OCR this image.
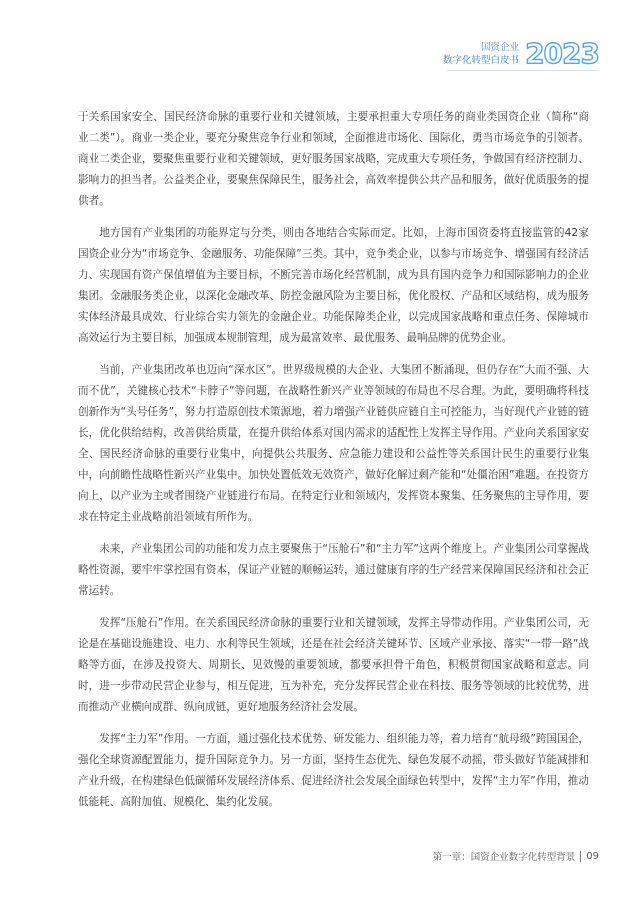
国资企业
数字化转型白皮书 2023

于关系国家安全、国民经济命脉的重要行业和关键领域，主要承担重大专项任务的商业类国资企业（简称“商业二类”）。商业一类企业，要充分聚焦竞争行业和领域，全面推进市场化、国际化，勇当市场竞争的引领者。商业二类企业，要聚焦重要行业和关键领域，更好服务国家战略，完成重大专项任务，争做国有经济控制力、影响力的担当者。公益类企业，要聚焦保障民生，服务社会，高效率提供公共产品和服务，做好优质服务的提供者。

地方国有产业集团的功能界定与分类，则由各地结合实际而定。比如，上海市国资委将直接监管的42家国资企业分为“市场竞争、金融服务、功能保障”三类。其中，竞争类企业，以参与市场竞争、增强国有经济活力、实现国有资产保值增值为主要目标，不断完善市场化经营机制，成为具有国内竞争力和国际影响力的企业集团。金融服务类企业，以深化金融改革、防控金融风险为主要目标，优化股权、产品和区域结构，成为服务实体经济最具成效、行业综合实力领先的金融企业。功能保障类企业，以完成国家战略和重点任务、保障城市高效运行为主要目标，加强成本规制管理，成为最富效率、最优服务、最响品牌的优势企业。

当前，产业集团改革也迈向“深水区”。世界级规模的大企业、大集团不断涌现，但仍存在“大而不强、大而不优”，关键核心技术“卡脖子”等问题，在战略性新兴产业等领域的布局也不尽合理。为此，要明确将科技创新作为“头号任务”，努力打造原创技术策源地，着力增强产业链供应链自主可控能力，当好现代产业链的链长，优化供给结构，改善供给质量，在提升供给体系对国内需求的适配性上发挥主导作用。产业向关系国家安全、国民经济命脉的重要行业集中，向提供公共服务、应急能力建设和公益性等关系国计民生的重要行业集中，向前瞻性战略性新兴产业集中。加快处置低效无效资产，做好化解过剩产能和“处僵治困”难题。在投资方向上，以产业为主或者围绕产业链进行布局。在特定行业和领域内，发挥资本聚集、任务聚焦的主导作用，要求在特定主业战略前沿领域有所作为。

未来，产业集团公司的功能和发力点主要聚焦于“压舱石”和“主力军”这两个维度上。产业集团公司掌握战略性资源，要牢牢掌控国有资本，保证产业链的顺畅运转，通过健康有序的生产经营来保障国民经济和社会正常运转。

发挥“压舱石”作用。在关系国民经济命脉的重要行业和关键领域，发挥主导带动作用。产业集团公司，无论是在基础设施建设、电力、水利等民生领域，还是在社会经济关键环节、区域产业承接、落实“一带一路”战略等方面，在涉及投资大、周期长、见效慢的重要领域，都要承担骨干角色，积极贯彻国家战略和意志。同时，进一步带动民营企业参与，相互促进，互为补充，充分发挥民营企业在科技、服务等领域的比较优势，进而推动产业横向成群、纵向成链，更好地服务经济社会发展。

发挥“主力军”作用。一方面，通过强化技术优势、研发能力、组织能力等，着力培育“航母级”跨国国企，强化全球资源配置能力，提升国际竞争力。另一方面，坚持生态优先、绿色发展不动摇，带头做好节能减排和产业升级，在构建绿色低碳循环发展经济体系、促进经济社会发展全面绿色转型中，发挥“主力军”作用，推动低能耗、高附加值、规模化、集约化发展。

第一章：国资企业数字化转型背景 09
